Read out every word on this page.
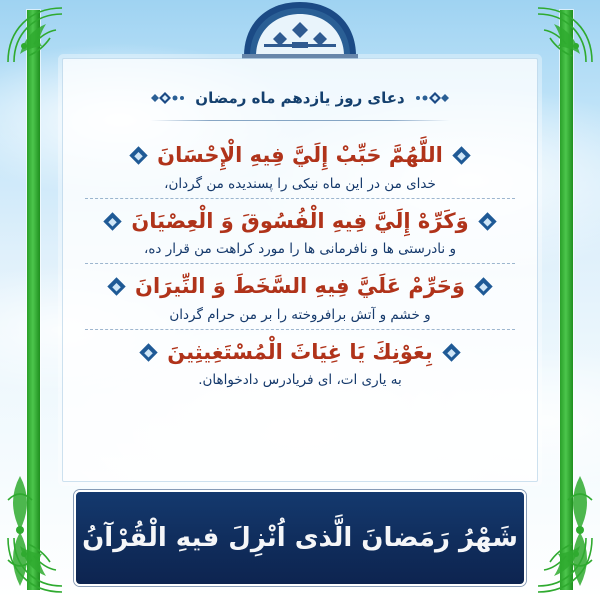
دعای روز یازدهم ماه رمضان
اللَّهُمَّ حَبِّبْ إِلَيَّ فِيهِ الْإِحْسَانَ
خدای من در این ماه نیکی را پسندیده من گردان،
وَكَرِّهْ إِلَيَّ فِيهِ الْفُسُوقَ وَ الْعِصْيَانَ
و نادرستی ها و نافرمانی ها را مورد کراهت من قرار ده،
وَحَرِّمْ عَلَيَّ فِيهِ السَّخَطَ وَ النِّيرَانَ
و خشم و آتش برافروخته را بر من حرام گردان
بِعَوْنِكَ يَا غِيَاثَ الْمُسْتَغِيثِينَ
به یاری ات، ای فریادرس دادخواهان.
شَهْرُ رَمَضانَ الَّذى اُنْزِلَ فيهِ الْقُرْآنُ
